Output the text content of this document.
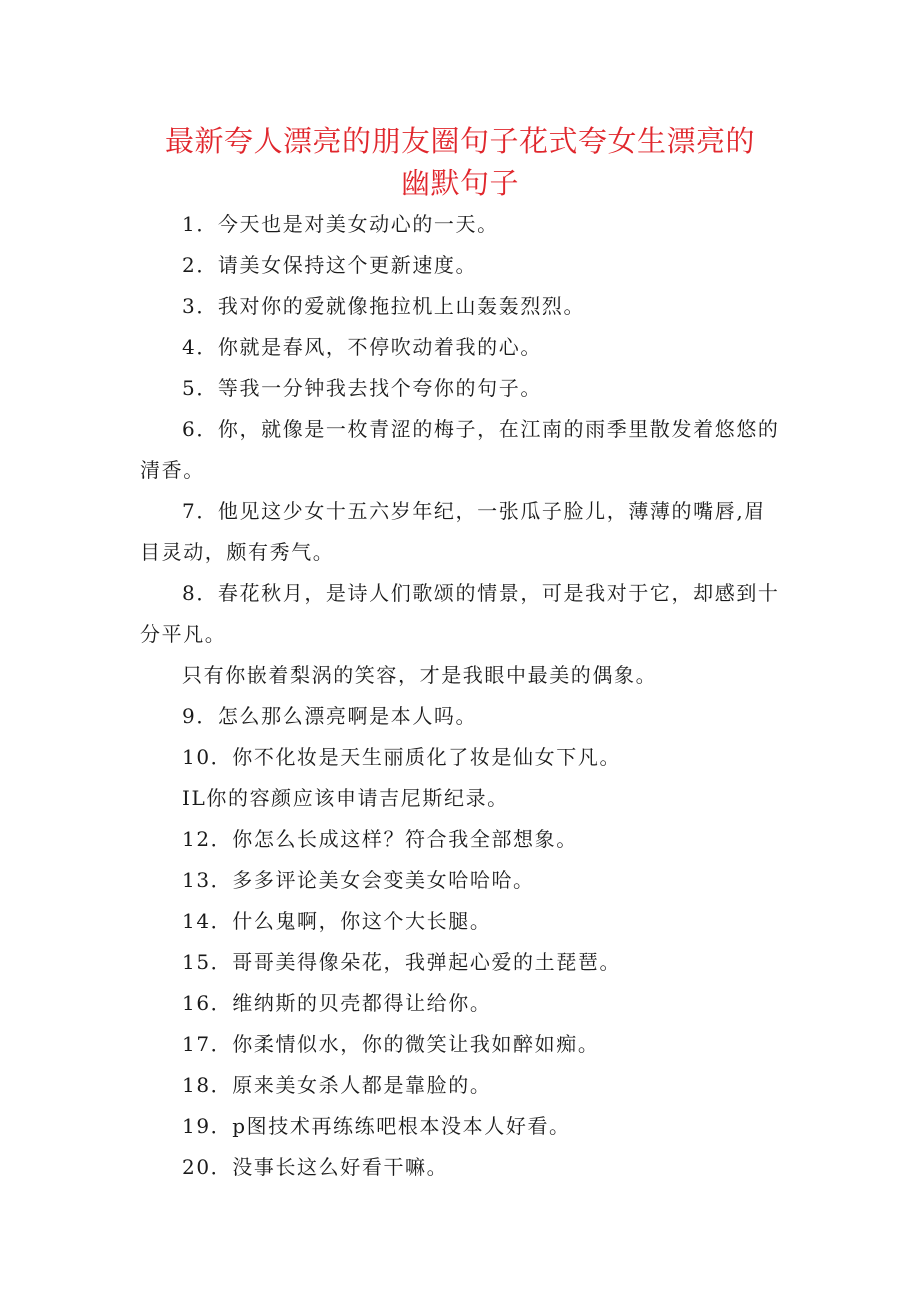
最新夸人漂亮的朋友圈句子花式夸女生漂亮的
幽默句子

1．今天也是对美女动心的一天。

2．请美女保持这个更新速度。

3．我对你的爱就像拖拉机上山轰轰烈烈。

4．你就是春风，不停吹动着我的心。

5．等我一分钟我去找个夸你的句子。

6．你，就像是一枚青涩的梅子，在江南的雨季里散发着悠悠的清香。

7．他见这少女十五六岁年纪，一张瓜子脸儿，薄薄的嘴唇,眉目灵动，颇有秀气。

8．春花秋月，是诗人们歌颂的情景，可是我对于它，却感到十分平凡。

只有你嵌着梨涡的笑容，才是我眼中最美的偶象。

9．怎么那么漂亮啊是本人吗。

10．你不化妆是天生丽质化了妆是仙女下凡。

IL你的容颜应该申请吉尼斯纪录。

12．你怎么长成这样？符合我全部想象。

13．多多评论美女会变美女哈哈哈。

14．什么鬼啊，你这个大长腿。

15．哥哥美得像朵花，我弹起心爱的土琵琶。

16．维纳斯的贝壳都得让给你。

17．你柔情似水，你的微笑让我如醉如痴。

18．原来美女杀人都是靠脸的。

19．p图技术再练练吧根本没本人好看。

20．没事长这么好看干嘛。
